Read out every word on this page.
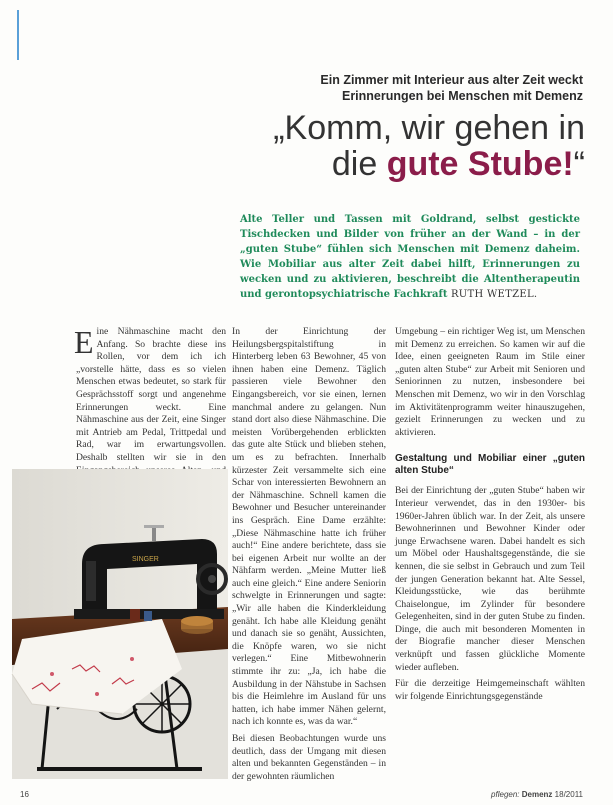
Ein Zimmer mit Interieur aus alter Zeit weckt
Erinnerungen bei Menschen mit Demenz
„Komm, wir gehen in
die gute Stube!“
Alte Teller und Tassen mit Goldrand, selbst gestickte Tischdecken und Bilder von früher an der Wand – in der „guten Stube“ fühlen sich Menschen mit Demenz daheim. Wie Mobiliar aus alter Zeit dabei hilft, Erinnerungen zu wecken und zu aktivieren, beschreibt die Altentherapeutin und gerontopsychiatrische Fachkraft RUTH WETZEL.

Eine Nähmaschine macht den Anfang. So brachte diese ins Rollen, vor dem ich ich „vorstelle hätte, dass es so vielen Menschen etwas bedeutet, so stark für Gesprächsstoff sorgt und angenehme Erinnerungen weckt. Eine Nähmaschine aus der Zeit, eine Singer mit Antrieb am Pedal, Trittpedal und Rad, war im erwartungsvollen. Deshalb stellten wir sie in den

SINGER

In der Einrichtung der Heilungsbergspitalstiftung in Hinterberg leben 63 Bewohner, 45 von ihnen haben eine Demenz. Täglich passieren viele Bewohner den Eingangsbereich, vor sie einen, lernen manchmal andere zu gelangen. Nun stand dort also diese Nähmaschine. Die meisten Vorübergehenden erblickten das gute alte Stück und blieben stehen, um es zu befrachten. Innerhalb kürzester Zeit versammelte sich eine Schar von interessierten Bewohnern an der Nähmaschine. Schnell kamen die Bewohner und Besucher untereinander ins Gespräch. Eine Dame erzählte: „Diese Nähmaschine hatte ich früher auch!“ Eine andere berichtete, dass sie bei eigenen Arbeit nur wollte an der Nähfarm werden. „Meine Mutter ließ auch eine gleich.“ Eine andere Seniorin schwelgte in Erinnerungen und sagte: „Wir alle haben die Kinderkleidung genäht. Ich habe alle Kleidung genäht und danach sie so genäht, Aussichten, die Knöpfe waren, wo sie nicht verlegen.“ Eine Mitbewohnerin stimmte ihr zu: „Ja, ich habe die Ausbildung in der Nähstube in Sachsen bis die Heimlehre im Ausland für uns hatten, ich habe immer Nähen gelernt, nach ich konnte es, was da war.“

Bei diesen Beobachtungen wurde uns deutlich, dass der Umgang mit diesen alten und bekannten Gegenständen – in der gewohnten räumlichen

Umgebung – ein richtiger Weg ist, um Menschen mit Demenz zu erreichen. So kamen wir auf die Idee, einen geeigneten Raum im Stile einer „guten alten Stube“ zur Arbeit mit Senioren und Seniorinnen zu nutzen, insbesondere bei Menschen mit Demenz, wo wir in den Vorschlag im Aktivitätenprogramm weiter hinauszugehen, gezielt Erinnerungen zu wecken und zu aktivieren.

Gestaltung und Mobiliar einer „guten alten Stube“

Bei der Einrichtung der „guten Stube“ haben wir Interieur verwendet, das in den 1930er- bis 1960er-Jahren üblich war. In der Zeit, als unsere Bewohnerinnen und Bewohner Kinder oder junge Erwachsene waren. Dabei handelt es sich um Möbel oder Haushaltsgegenstände, die sie kennen, die sie selbst in Gebrauch und zum Teil der jungen Generation bekannt hat. Alte Sessel, Kleidungsstücke, wie das berühmte Chaiselongue, im Zylinder für besondere Gelegenheiten, sind in der guten Stube zu finden. Dinge, die auch mit besonderen Momenten in der Biografie mancher dieser Menschen verknüpft und fassen glückliche Momente wieder aufleben.

Für die derzeitige Heimgemeinschaft wählten wir folgende Einrichtungsgegenstände

16	pflegen: Demenz 18/2011
